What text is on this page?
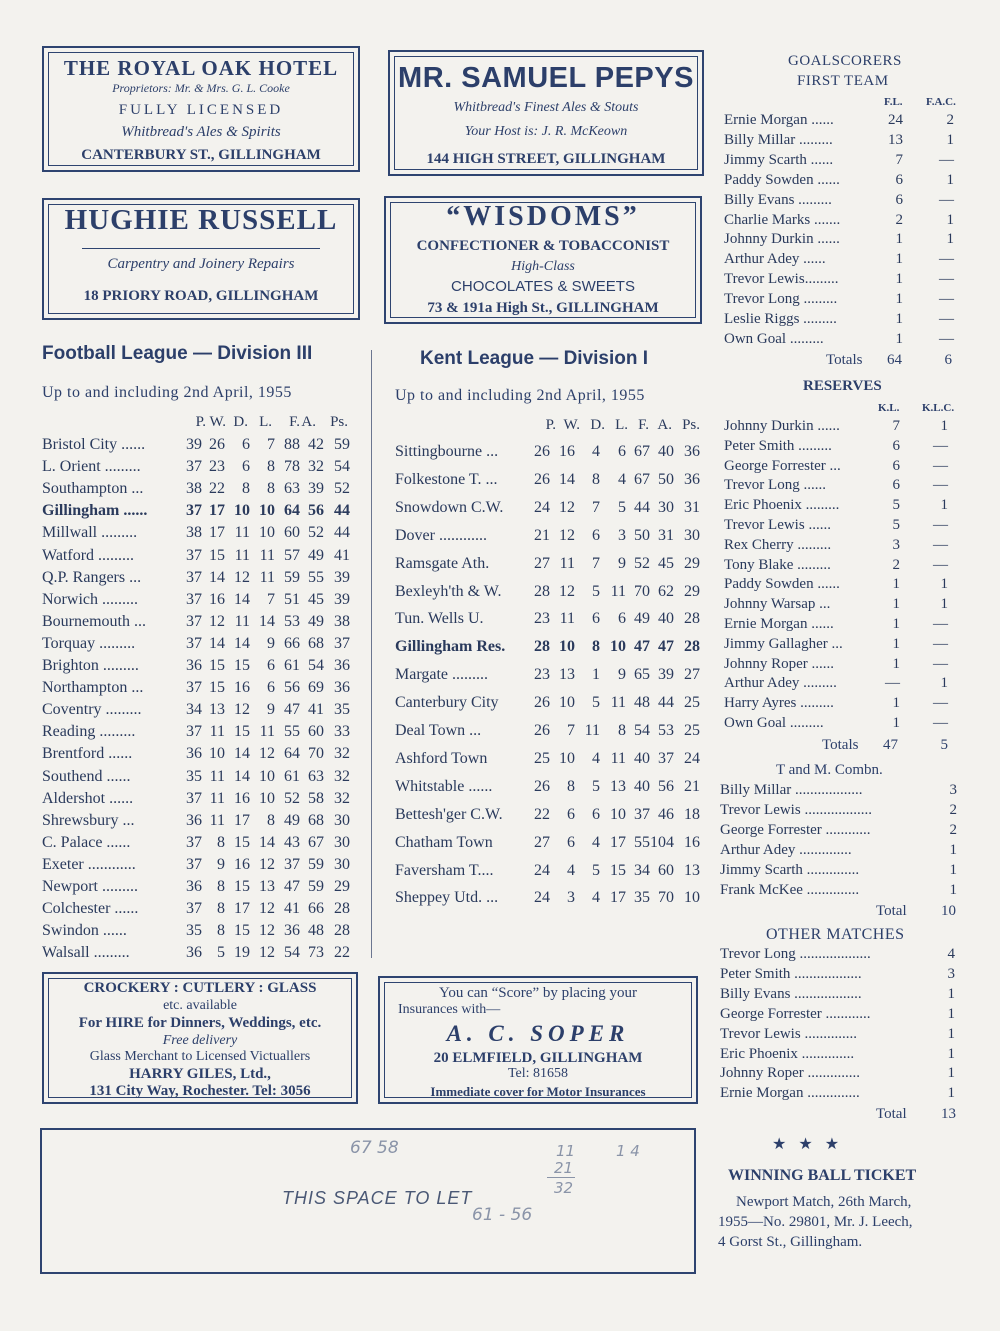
THE ROYAL OAK HOTEL
Proprietors: Mr. & Mrs. G. L. Cooke
FULLY LICENSED
Whitbread's Ales & Spirits
CANTERBURY ST., GILLINGHAM
MR. SAMUEL PEPYS
Whitbread's Finest Ales & Stouts
Your Host is: J. R. McKeown
144 HIGH STREET, GILLINGHAM
HUGHIE RUSSELL
Carpentry and Joinery Repairs
18 PRIORY ROAD, GILLINGHAM
“WISDOMS”
CONFECTIONER & TOBACCONIST
High-Class
CHOCOLATES & SWEETS
73 & 191a High St., GILLINGHAM
Football League — Division III
Up to and including 2nd April, 1955
P. W. D. L.	F. A. Ps.
Bristol City ......	39 26	6	7 88 42 59
L. Orient .........	37 23	6	8 78 32 54
Southampton ...	38 22	8	8 63 39 52
Gillingham ......	37 17 10 10 64 56 44
Millwall .........	38 17 11 10 60 52 44
Watford .........	37 15 11 11 57 49 41
Q.P. Rangers ...	37 14 12 11 59 55 39
Norwich .........	37 16 14	7 51 45 39
Bournemouth ...	37 12 11 14 53 49 38
Torquay .........	37 14 14	9 66 68 37
Brighton .........	36 15 15	6 61 54 36
Northampton ...	37 15 16	6 56 69 36
Coventry .........	34 13 12	9 47 41 35
Reading .........	37 11 15 11 55 60 33
Brentford ......	36 10 14 12 64 70 32
Southend ......	35 11 14 10 61 63 32
Aldershot ......	37 11 16 10 52 58 32
Shrewsbury ...	36 11 17	8 49 68 30
C. Palace ......	37 8 15 14 43 67 30
Exeter ............	37 9 16 12 37 59 30
Newport .........	36 8 15 13 47 59 29
Colchester ......	37 8 17 12 41 66 28
Swindon ......	35 8 15 12 36 48 28
Walsall .........	36 5 19 12 54 73 22
Kent League — Division I
Up to and including 2nd April, 1955
P. W. D. L. F. A. Ps.
Sittingbourne ...	26 16	4	6 67 40 36
Folkestone T. ...	26 14	8	4 67 50 36
Snowdown C.W.	24 12	7	5 44 30 31
Dover ............	21 12	6	3 50 31 30
Ramsgate Ath.	27 11	7	9 52 45 29
Bexleyh'th & W.	28 12	5 11 70 62 29
Tun. Wells U.	23 11	6	6 49 40 28
Gillingham Res.	28 10	8 10 47 47 28
Margate .........	23 13	1	9 65 39 27
Canterbury City	26 10	5 11 48 44 25
Deal Town ...	26	7 11	8 54 53 25
Ashford Town	25 10	4 11 40 37 24
Whitstable ......	26	8	5 13 40 56 21
Bettesh'ger C.W.	22	6	6 10 37 46 18
Chatham Town	27	6	4 17 55 104 16
Faversham T....	24	4	5 15 34 60 13
Sheppey Utd. ...	24	3	4 17 35 70 10
CROCKERY : CUTLERY : GLASS
etc. available
For HIRE for Dinners, Weddings, etc.
Free delivery
Glass Merchant to Licensed Victuallers
HARRY GILES, Ltd.,
131 City Way, Rochester. Tel: 3056
You can “Score” by placing your
Insurances with—
A. C. SOPER
20 ELMFIELD, GILLINGHAM
Tel: 81658
Immediate cover for Motor Insurances
THIS SPACE TO LET
67 58	11	1 4
21
32
61 - 56
GOALSCORERS
FIRST TEAM
F.L. F.A.C.
Ernie Morgan ......	24	2
Billy Millar .........	13	1
Jimmy Scarth ......	7	—
Paddy Sowden ......	6	1
Billy Evans .........	6	—
Charlie Marks .......	2	1
Johnny Durkin ......	1	1
Arthur Adey ......	1	—
Trevor Lewis.........	1	—
Trevor Long .........	1	—
Leslie Riggs .........	1	—
Own Goal .........	1	—
Totals	64	6
RESERVES
K.L. K.L.C.
Johnny Durkin ......	7	1
Peter Smith .........	6	—
George Forrester ...	6	—
Trevor Long ......	6	—
Eric Phoenix .........	5	1
Trevor Lewis ......	5	—
Rex Cherry .........	3	—
Tony Blake .........	2	—
Paddy Sowden ......	1	1
Johnny Warsap ...	1	1
Ernie Morgan ......	1	—
Jimmy Gallagher ...	1	—
Johnny Roper ......	1	—
Arthur Adey .........	—	1
Harry Ayres .........	1	—
Own Goal .........	1	—
Totals	47	5
T and M. Combn.
Billy Millar ..................	3
Trevor Lewis ..................	2
George Forrester ............	2
Arthur Adey ..............	1
Jimmy Scarth ..............	1
Frank McKee ..............	1
Total	10
OTHER MATCHES
Trevor Long ...................	4
Peter Smith ..................	3
Billy Evans ..................	1
George Forrester ............	1
Trevor Lewis ..............	1
Eric Phoenix ..............	1
Johnny Roper ..............	1
Ernie Morgan ..............	1
Total	13
★ ★ ★
WINNING BALL TICKET
Newport Match, 26th March,
1955—No. 29801, Mr. J. Leech,
4 Gorst St., Gillingham.
